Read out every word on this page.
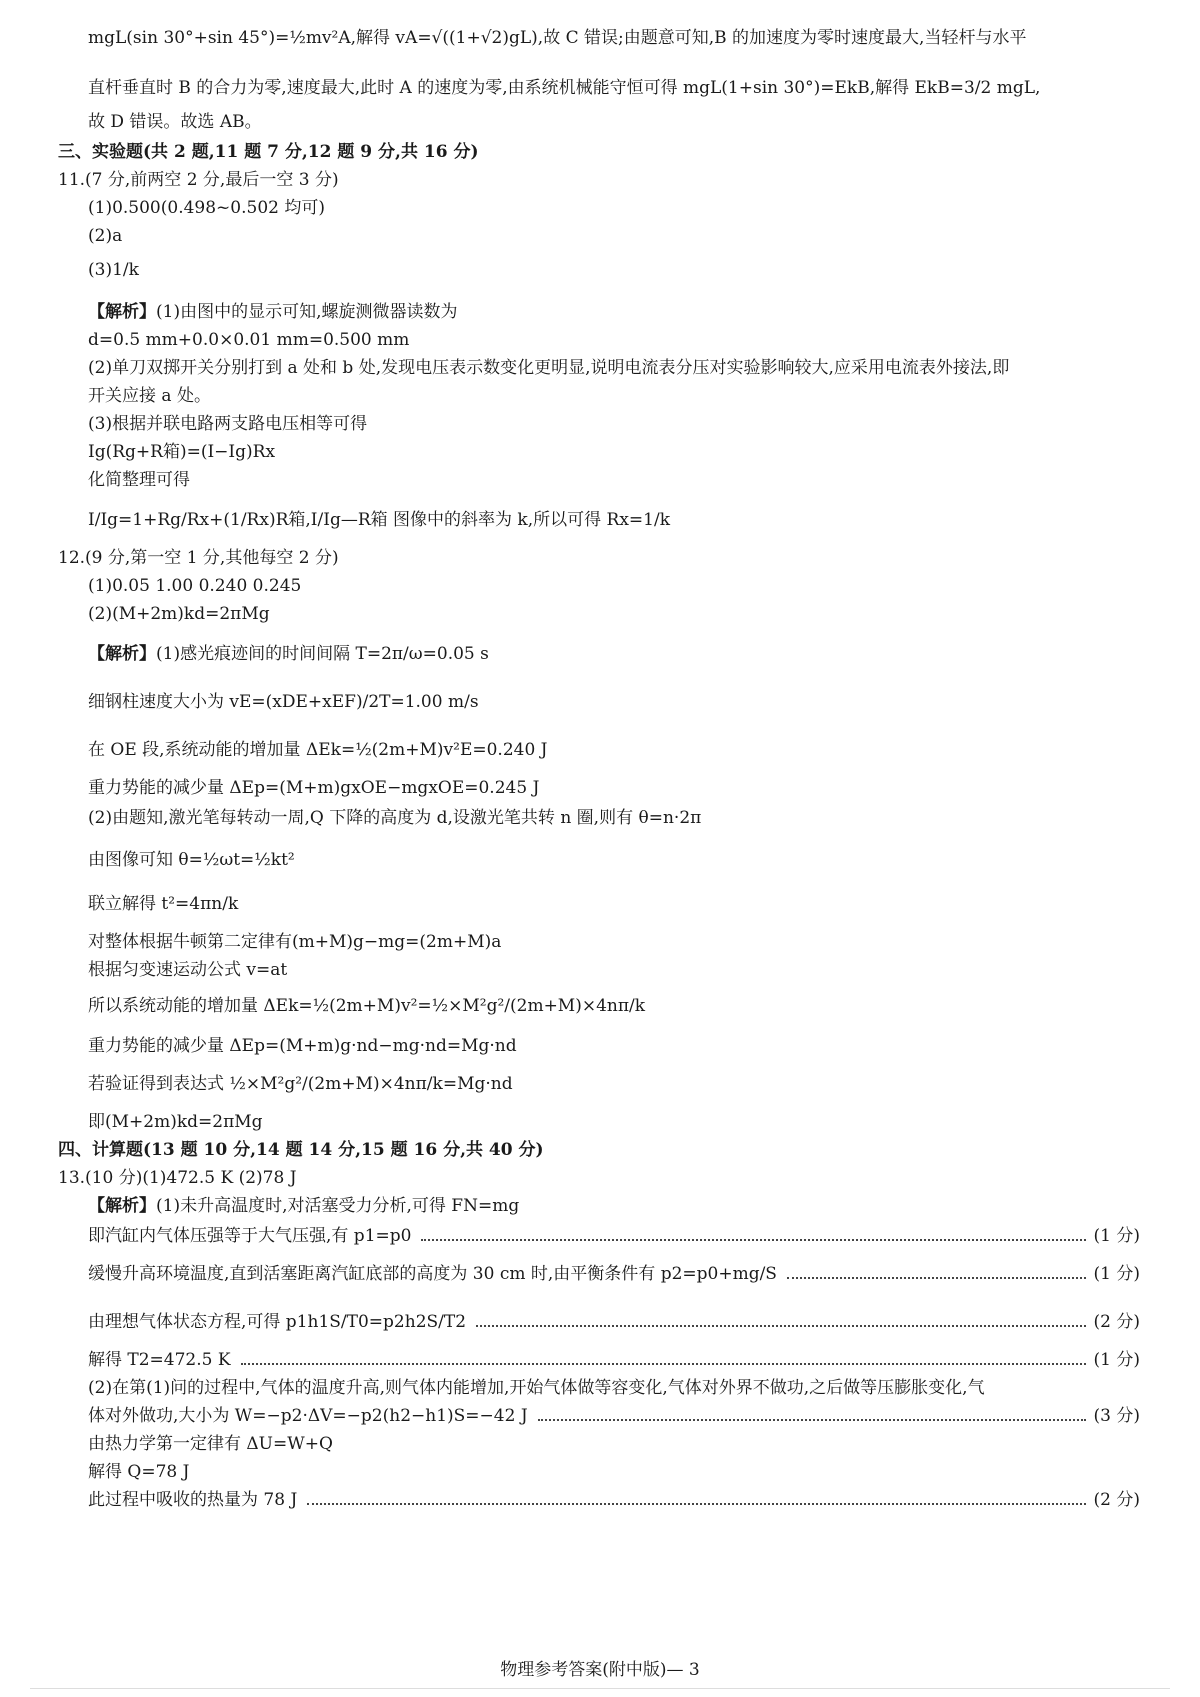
mgL(sin 30°+sin 45°)=½mv²A,解得 vA=√((1+√2)gL),故 C 错误;由题意可知,B 的加速度为零时速度最大,当轻杆与水平
直杆垂直时 B 的合力为零,速度最大,此时 A 的速度为零,由系统机械能守恒可得 mgL(1+sin 30°)=EkB,解得 EkB=3/2 mgL,
故 D 错误。故选 AB。
三、实验题(共 2 题,11 题 7 分,12 题 9 分,共 16 分)
11.(7 分,前两空 2 分,最后一空 3 分)
(1)0.500(0.498~0.502 均可)
(2)a
(3)1/k
【解析】(1)由图中的显示可知,螺旋测微器读数为
d=0.5 mm+0.0×0.01 mm=0.500 mm
(2)单刀双掷开关分别打到 a 处和 b 处,发现电压表示数变化更明显,说明电流表分压对实验影响较大,应采用电流表外接法,即
开关应接 a 处。
(3)根据并联电路两支路电压相等可得
Ig(Rg+R箱)=(I−Ig)Rx
化简整理可得
I/Ig=1+Rg/Rx+(1/Rx)R箱,I/Ig—R箱 图像中的斜率为 k,所以可得 Rx=1/k
12.(9 分,第一空 1 分,其他每空 2 分)
(1)0.05 1.00 0.240 0.245
(2)(M+2m)kd=2πMg
【解析】(1)感光痕迹间的时间间隔 T=2π/ω=0.05 s
细钢柱速度大小为 vE=(xDE+xEF)/2T=1.00 m/s
在 OE 段,系统动能的增加量 ΔEk=½(2m+M)v²E=0.240 J
重力势能的减少量 ΔEp=(M+m)gxOE−mgxOE=0.245 J
(2)由题知,激光笔每转动一周,Q 下降的高度为 d,设激光笔共转 n 圈,则有 θ=n·2π
由图像可知 θ=½ωt=½kt²
联立解得 t²=4πn/k
对整体根据牛顿第二定律有(m+M)g−mg=(2m+M)a
根据匀变速运动公式 v=at
所以系统动能的增加量 ΔEk=½(2m+M)v²=½×M²g²/(2m+M)×4nπ/k
重力势能的减少量 ΔEp=(M+m)g·nd−mg·nd=Mg·nd
若验证得到表达式 ½×M²g²/(2m+M)×4nπ/k=Mg·nd
即(M+2m)kd=2πMg
四、计算题(13 题 10 分,14 题 14 分,15 题 16 分,共 40 分)
13.(10 分)(1)472.5 K (2)78 J
【解析】(1)未升高温度时,对活塞受力分析,可得 FN=mg
即汽缸内气体压强等于大气压强,有 p1=p0	(1 分)
缓慢升高环境温度,直到活塞距离汽缸底部的高度为 30 cm 时,由平衡条件有 p2=p0+mg/S	(1 分)
由理想气体状态方程,可得 p1h1S/T0=p2h2S/T2	(2 分)
解得 T2=472.5 K	(1 分)
(2)在第(1)问的过程中,气体的温度升高,则气体内能增加,开始气体做等容变化,气体对外界不做功,之后做等压膨胀变化,气
体对外做功,大小为 W=−p2·ΔV=−p2(h2−h1)S=−42 J	(3 分)
由热力学第一定律有 ΔU=W+Q
解得 Q=78 J
此过程中吸收的热量为 78 J	(2 分)
物理参考答案(附中版)— 3
